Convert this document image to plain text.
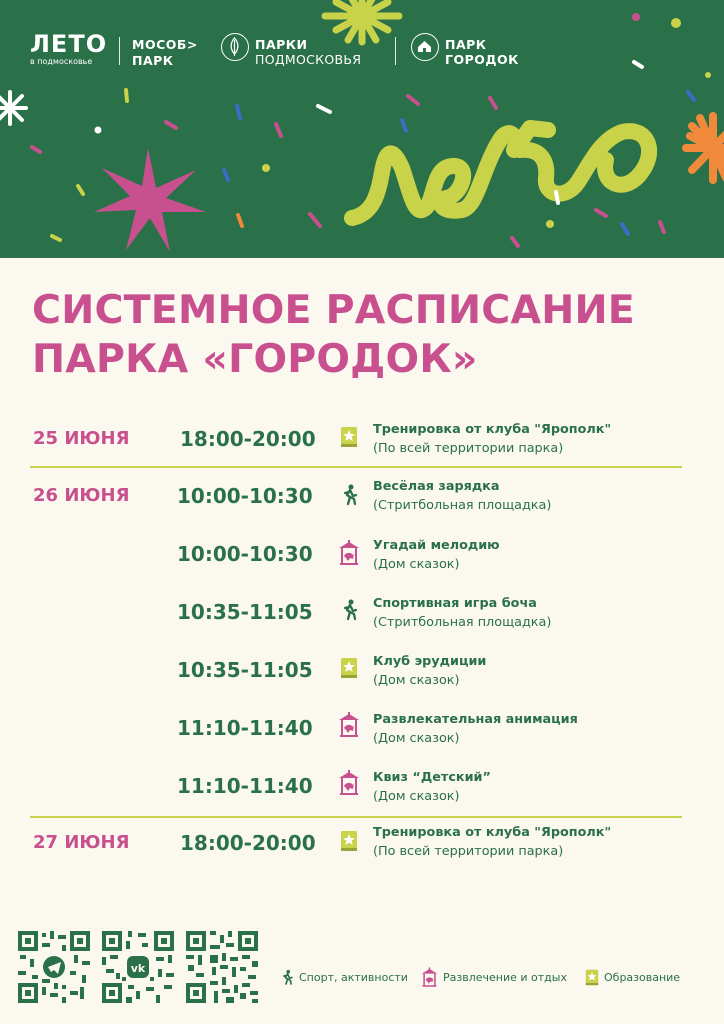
ЛЕТО
в подмосковье
МОСОБ>
ПАРК
ПАРКИ
ПОДМОСКОВЬЯ
ПАРК
ГОРОДОК
СИСТЕМНОЕ РАСПИСАНИЕ
ПАРКА «ГОРОДОК»
25 ИЮНЯ	18:00-20:00	Тренировка от клуба "Ярополк"
(По всей территории парка)
26 ИЮНЯ 10:00-10:30	Весёлая зарядка
(Стритбольная площадка)
10:00-10:30	Угадай мелодию
(Дом сказок)
10:35-11:05	Спортивная игра боча
(Стритбольная площадка)
10:35-11:05	Клуб эрудиции
(Дом сказок)
11:10-11:40	Развлекательная анимация
(Дом сказок)
11:10-11:40	Квиз “Детский”
(Дом сказок)
27 ИЮНЯ	18:00-20:00	Тренировка от клуба "Ярополк"
(По всей территории парка)
vk
Спорт, активности	Развлечение и отдых	Образование
